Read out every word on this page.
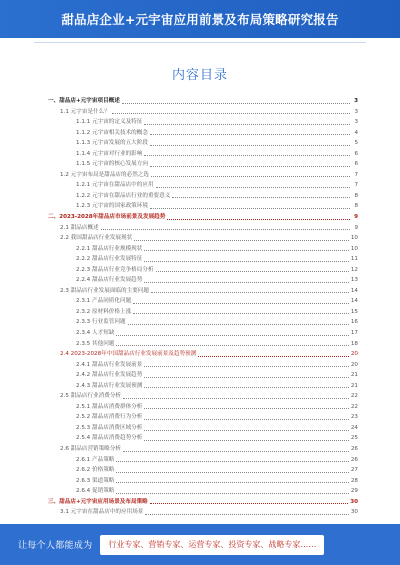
甜品店企业+元宇宙应用前景及布局策略研究报告
内容目录
一、甜品店+元宇宙项目概述	3
1.1 元宇宙是什么？	3
1.1.1 元宇宙的定义及特征	3
1.1.2 元宇宙相关技术的概念	4
1.1.3 元宇宙发展的五大阶段	5
1.1.4 元宇宙对行业的影响	6
1.1.5 元宇宙的核心发展方向	6
1.2 元宇宙布局是甜品店的必然之选	7
1.2.1 元宇宙在甜品店中的应用	7
1.2.2 元宇宙在甜品店行业的重要意义	8
1.2.3 元宇宙的国家政策环境	8
二、2023-2028年甜品店市场前景及发展趋势	9
2.1 甜品店概述	9
2.2 我国甜品店行业发展现状	10
2.2.1 甜品店行业规模现状	10
2.2.2 甜品店行业发展特征	11
2.2.3 甜品店行业竞争格局分析	12
2.2.4 甜品店行业发展趋势	13
2.3 甜品店行业发展面临的主要问题	14
2.3.1 产品同质化问题	14
2.3.2 原材料价格上涨	15
2.3.3 行业监管问题	16
2.3.4 人才短缺	17
2.3.5 其他问题	18
2.4 2023-2028年中国甜品店行业发展前景及趋势预测	20
2.4.1 甜品店行业发展前景	20
2.4.2 甜品店行业发展趋势	21
2.4.3 甜品店行业发展预测	21
2.5 甜品店行业消费分析	22
2.5.1 甜品店消费群体分析	22
2.5.2 甜品店消费行为分析	23
2.5.3 甜品店消费区域分析	24
2.5.4 甜品店消费趋势分析	25
2.6 甜品店营销策略分析	26
2.6.1 产品策略	26
2.6.2 价格策略	27
2.6.3 渠道策略	28
2.6.4 促销策略	29
三、甜品店+元宇宙应用场景及布局策略	30
3.1 元宇宙在甜品店中的应用场景	30
让每个人都能成为	行业专家、营销专家、运营专家、投资专家、战略专家……
